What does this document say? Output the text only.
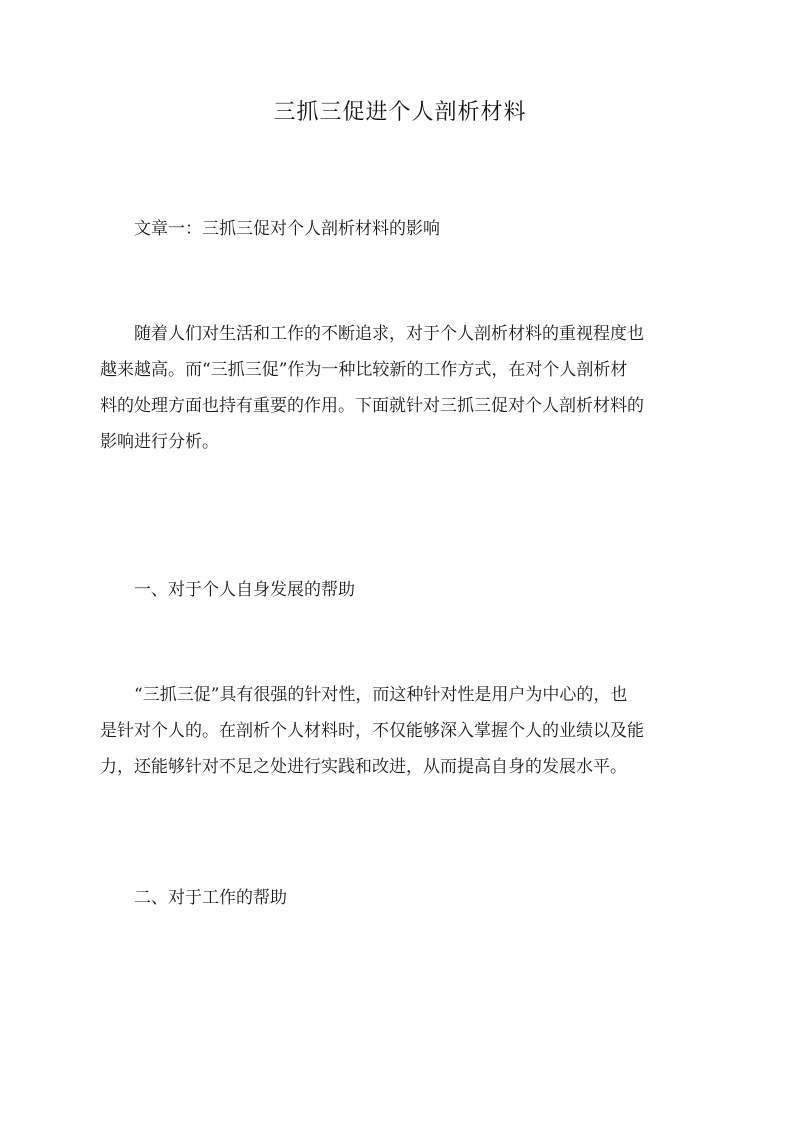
三抓三促进个人剖析材料

文章一：三抓三促对个人剖析材料的影响

随着人们对生活和工作的不断追求，对于个人剖析材料的重视程度也
越来越高。而“三抓三促”作为一种比较新的工作方式，在对个人剖析材
料的处理方面也持有重要的作用。下面就针对三抓三促对个人剖析材料的
影响进行分析。

一、对于个人自身发展的帮助

“三抓三促”具有很强的针对性，而这种针对性是用户为中心的，也
是针对个人的。在剖析个人材料时，不仅能够深入掌握个人的业绩以及能
力，还能够针对不足之处进行实践和改进，从而提高自身的发展水平。

二、对于工作的帮助
